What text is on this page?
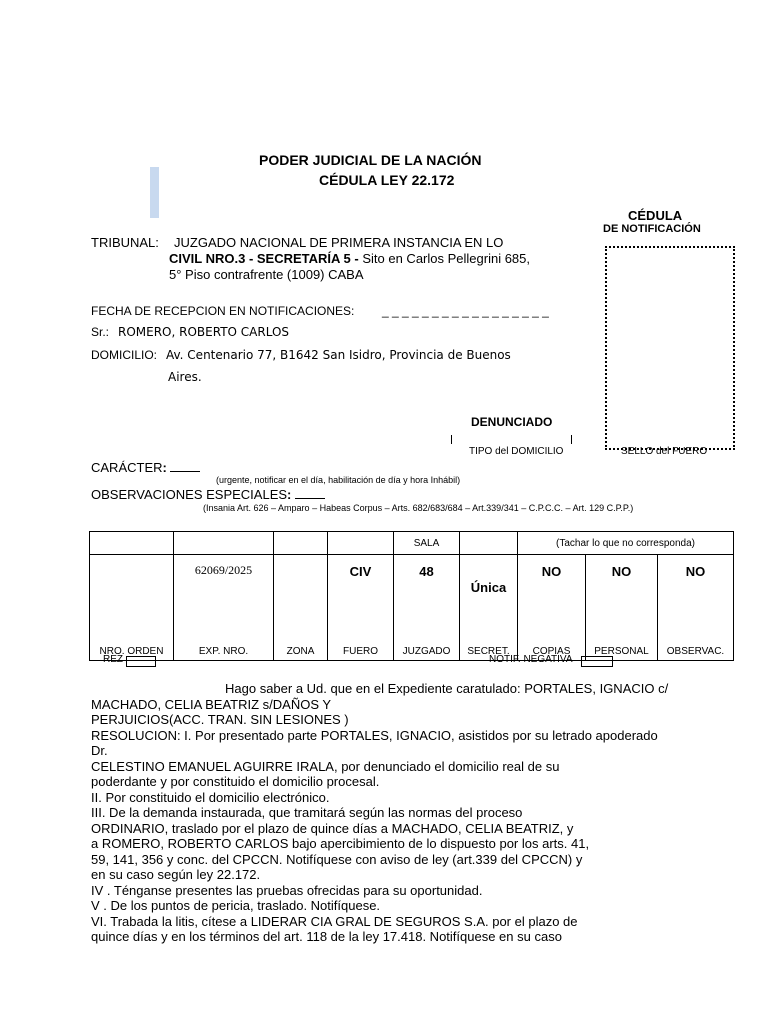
PODER JUDICIAL DE LA NACIÓN
CÉDULA LEY 22.172
CÉDULA
DE NOTIFICACIÓN
TRIBUNAL: JUZGADO NACIONAL DE PRIMERA INSTANCIA EN LO
CIVIL NRO.3 - SECRETARÍA 5 - Sito en Carlos Pellegrini 685,
5° Piso contrafrente (1009) CABA
FECHA DE RECEPCION EN NOTIFICACIONES: _ _ _ _ _ _ _ _ _ _ _ _ _ _ _ _ _
Sr.: ROMERO, ROBERTO CARLOS
DOMICILIO: Av. Centenario 77, B1642 San Isidro, Provincia de Buenos
Aires.
DENUNCIADO
TIPO del DOMICILIO	SELLO del FUERO
CARÁCTER:
(urgente, notificar en el día, habilitación de día y hora Inhábil)
OBSERVACIONES ESPECIALES:
(Insania Art. 626 – Amparo – Habeas Corpus – Arts. 682/683/684 – Art.339/341 – C.P.C.C. – Art. 129 C.P.P.)
				SALA		(Tachar lo que no corresponda)		
	62069/2025		CIV	48	Única	NO	NO	NO
NRO. ORDEN	EXP. NRO.	ZONA	FUERO	JUZGADO	SECRET.	COPIAS	PERSONAL	OBSERVAC.
REZ	NOTIF. NEGATIVA
Hago saber a Ud. que en el Expediente caratulado: PORTALES, IGNACIO c/
MACHADO, CELIA BEATRIZ s/DAÑOS Y
PERJUICIOS(ACC. TRAN. SIN LESIONES )
RESOLUCION: I. Por presentado parte PORTALES, IGNACIO, asistidos por su letrado apoderado
Dr.
CELESTINO EMANUEL AGUIRRE IRALA, por denunciado el domicilio real de su
poderdante y por constituido el domicilio procesal.
II. Por constituido el domicilio electrónico.
III. De la demanda instaurada, que tramitará según las normas del proceso
ORDINARIO, traslado por el plazo de quince días a MACHADO, CELIA BEATRIZ, y
a ROMERO, ROBERTO CARLOS bajo apercibimiento de lo dispuesto por los arts. 41,
59, 141, 356 y conc. del CPCCN. Notifíquese con aviso de ley (art.339 del CPCCN) y
en su caso según ley 22.172.
IV . Ténganse presentes las pruebas ofrecidas para su oportunidad.
V . De los puntos de pericia, traslado. Notifíquese.
VI. Trabada la litis, cítese a LIDERAR CIA GRAL DE SEGUROS S.A. por el plazo de
quince días y en los términos del art. 118 de la ley 17.418. Notifíquese en su caso
